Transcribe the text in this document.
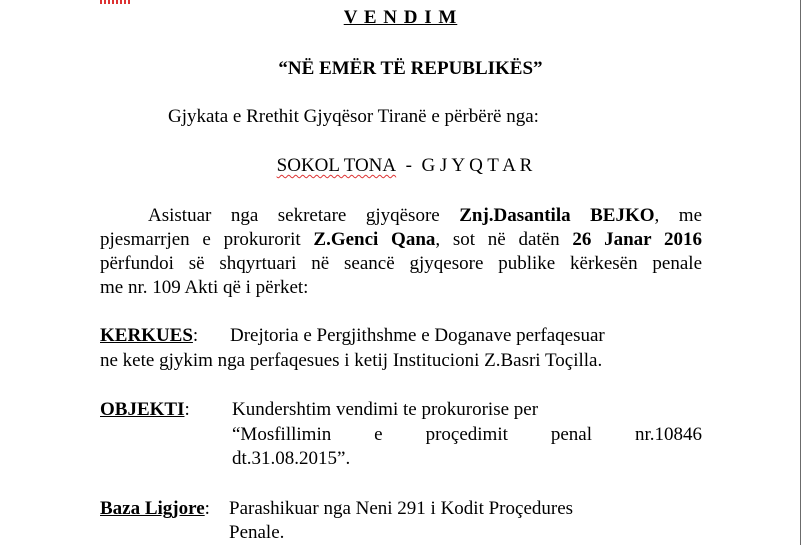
V E N D I M
“NË EMËR TË REPUBLIKËS”
Gjykata e Rrethit Gjyqësor Tiranë e përbërë nga:
SOKOL TONA - G J Y Q T A R
Asistuar nga sekretare gjyqësore Znj.Dasantila BEJKO, me
pjesmarrjen e prokurorit Z.Genci Qana, sot në datën 26 Janar 2016
përfundoi së shqyrtuari në seancë gjyqesore publike kërkesën penale
me nr. 109 Akti që i përket:
KERKUES: Drejtoria e Pergjithshme e Doganave perfaqesuar
ne kete gjykim nga perfaqesues i ketij Institucioni Z.Basri Toçilla.
OBJEKTI: Kundershtim vendimi te prokurorise per
“Mosfillimin e proçedimit penal nr.10846
dt.31.08.2015”.
Baza Ligjore: Parashikuar nga Neni 291 i Kodit Proçedures
Penale.
